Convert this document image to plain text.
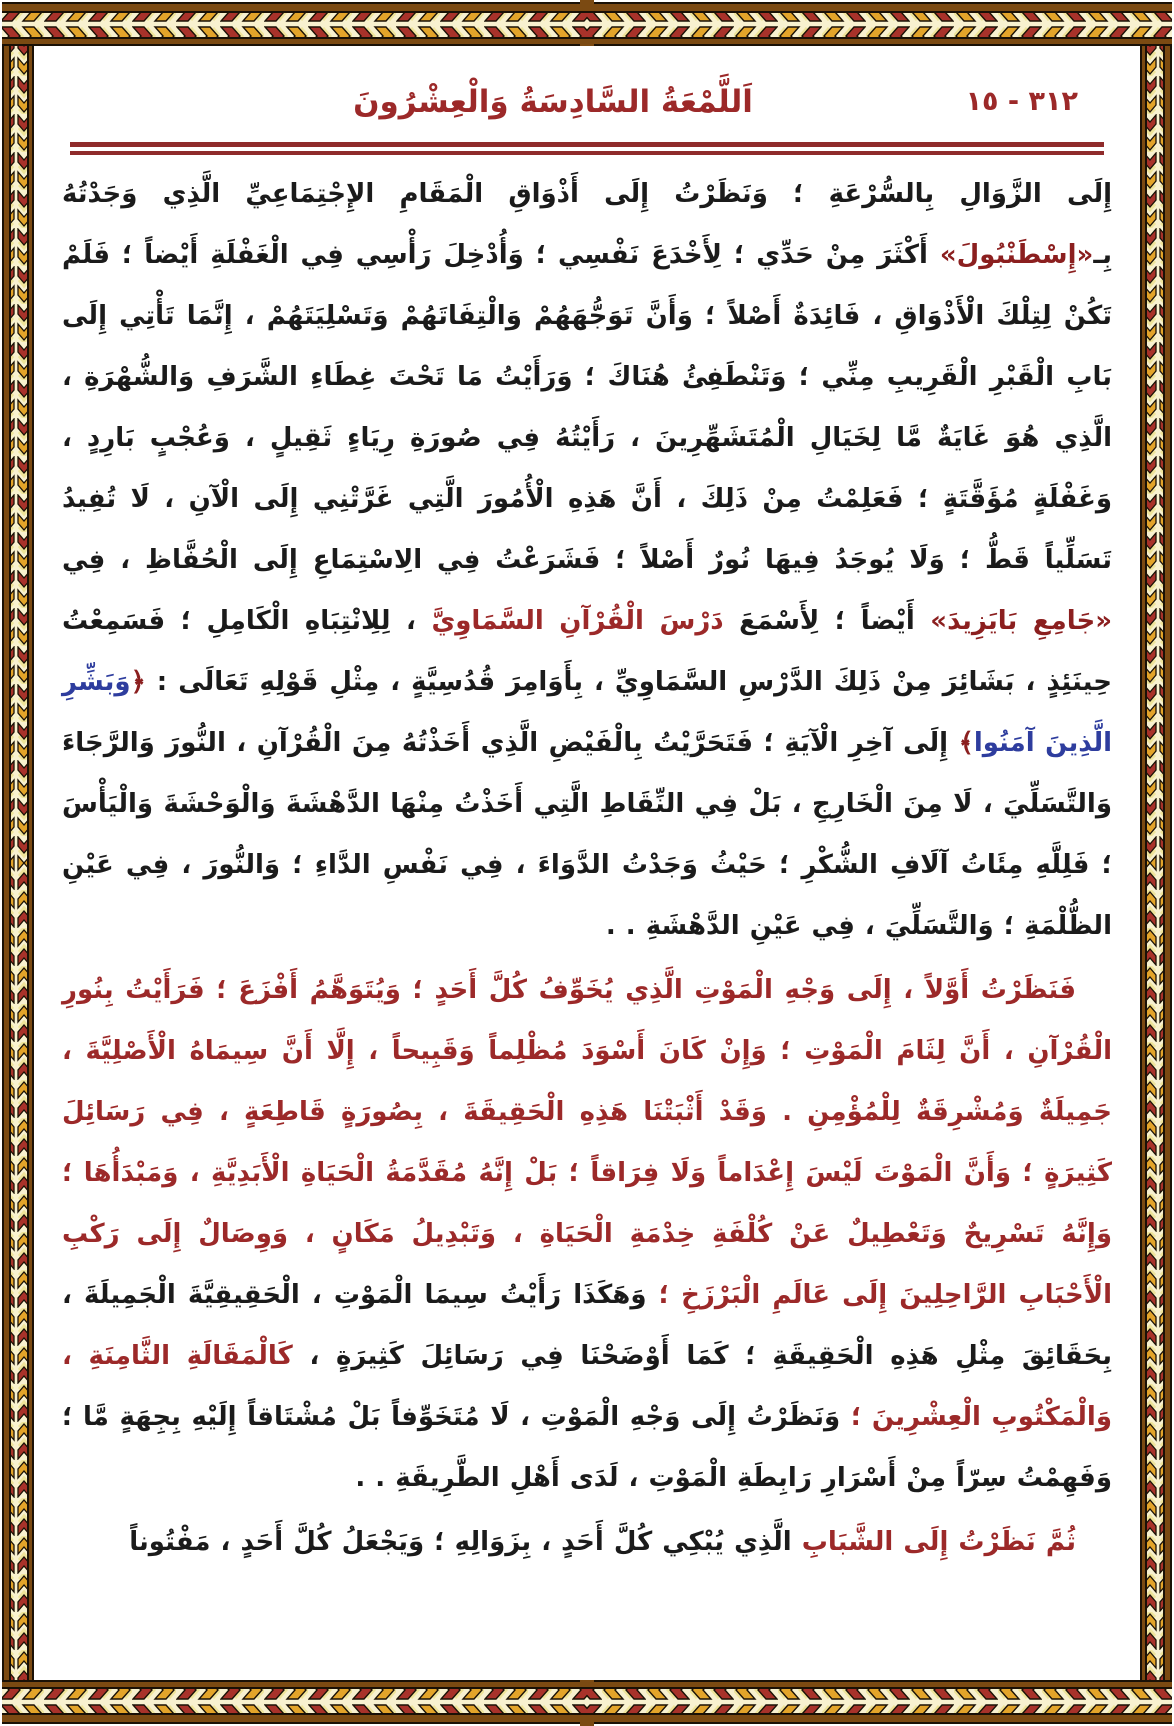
اَللَّمْعَةُ السَّادِسَةُ وَالْعِشْرُونَ	٣١٢ - ١٥

إِلَى الزَّوَالِ بِالسُّرْعَةِ ؛ وَنَظَرْتُ إِلَى أَذْوَاقِ الْمَقَامِ الإِجْتِمَاعِيِّ الَّذِي وَجَدْتُهُ بِـ«إِسْطَنْبُولَ» أَكْثَرَ مِنْ حَدِّي ؛ لِأَخْدَعَ نَفْسِي ؛ وَأُدْخِلَ رَأْسِي فِي الْغَفْلَةِ أَيْضاً ؛ فَلَمْ تَكُنْ لِتِلْكَ الْأَذْوَاقِ ، فَائِدَةٌ أَصْلاً ؛ وَأَنَّ تَوَجُّهَهُمْ وَالْتِفَاتَهُمْ وَتَسْلِيَتَهُمْ ، إِنَّمَا تَأْتِي إِلَى بَابِ الْقَبْرِ الْقَرِيبِ مِنِّي ؛ وَتَنْطَفِئُ هُنَاكَ ؛ وَرَأَيْتُ مَا تَحْتَ غِطَاءِ الشَّرَفِ وَالشُّهْرَةِ ، الَّذِي هُوَ غَايَةٌ مَّا لِخَيَالِ الْمُتَشَهِّرِينَ ، رَأَيْتُهُ فِي صُورَةِ رِيَاءٍ ثَقِيلٍ ، وَعُجْبٍ بَارِدٍ ، وَغَفْلَةٍ مُؤَقَّتَةٍ ؛ فَعَلِمْتُ مِنْ ذَلِكَ ، أَنَّ هَذِهِ الْأُمُورَ الَّتِي غَرَّتْنِي إِلَى الْآنِ ، لَا تُفِيدُ تَسَلِّياً قَطُّ ؛ وَلَا يُوجَدُ فِيهَا نُورٌ أَصْلاً ؛ فَشَرَعْتُ فِي الِاسْتِمَاعِ إِلَى الْحُفَّاظِ ، فِي «جَامِعِ بَايَزِيدَ» أَيْضاً ؛ لِأَسْمَعَ دَرْسَ الْقُرْآنِ السَّمَاوِيَّ ، لِلِانْتِبَاهِ الْكَامِلِ ؛ فَسَمِعْتُ حِينَئِذٍ ، بَشَائِرَ مِنْ ذَلِكَ الدَّرْسِ السَّمَاوِيِّ ، بِأَوَامِرَ قُدُسِيَّةٍ ، مِثْلِ قَوْلِهِ تَعَالَى : ﴿وَبَشِّرِ الَّذِينَ آمَنُوا﴾ إِلَى آخِرِ الْآيَةِ ؛ فَتَحَرَّيْتُ بِالْفَيْضِ الَّذِي أَخَذْتُهُ مِنَ الْقُرْآنِ ، النُّورَ وَالرَّجَاءَ وَالتَّسَلِّيَ ، لَا مِنَ الْخَارِجِ ، بَلْ فِي النِّقَاطِ الَّتِي أَخَذْتُ مِنْهَا الدَّهْشَةَ وَالْوَحْشَةَ وَالْيَأْسَ ؛ فَلِلَّهِ مِئَاتُ آلَافِ الشُّكْرِ ؛ حَيْثُ وَجَدْتُ الدَّوَاءَ ، فِي نَفْسِ الدَّاءِ ؛ وَالنُّورَ ، فِي عَيْنِ الظُّلْمَةِ ؛ وَالتَّسَلِّيَ ، فِي عَيْنِ الدَّهْشَةِ . .

فَنَظَرْتُ أَوَّلاً ، إِلَى وَجْهِ الْمَوْتِ الَّذِي يُخَوِّفُ كُلَّ أَحَدٍ ؛ وَيُتَوَهَّمُ أَفْزَعَ ؛ فَرَأَيْتُ بِنُورِ الْقُرْآنِ ، أَنَّ لِثَامَ الْمَوْتِ ؛ وَإِنْ كَانَ أَسْوَدَ مُظْلِماً وَقَبِيحاً ، إِلَّا أَنَّ سِيمَاهُ الْأَصْلِيَّةَ ، جَمِيلَةٌ وَمُشْرِقَةٌ لِلْمُؤْمِنِ . وَقَدْ أَثْبَتْنَا هَذِهِ الْحَقِيقَةَ ، بِصُورَةٍ قَاطِعَةٍ ، فِي رَسَائِلَ كَثِيرَةٍ ؛ وَأَنَّ الْمَوْتَ لَيْسَ إِعْدَاماً وَلَا فِرَاقاً ؛ بَلْ إِنَّهُ مُقَدَّمَةُ الْحَيَاةِ الْأَبَدِيَّةِ ، وَمَبْدَأُهَا ؛ وَإِنَّهُ تَسْرِيحٌ وَتَعْطِيلٌ عَنْ كُلْفَةِ خِدْمَةِ الْحَيَاةِ ، وَتَبْدِيلُ مَكَانٍ ، وَوِصَالٌ إِلَى رَكْبِ الْأَحْبَابِ الرَّاحِلِينَ إِلَى عَالَمِ الْبَرْزَخِ ؛ وَهَكَذَا رَأَيْتُ سِيمَا الْمَوْتِ ، الْحَقِيقِيَّةَ الْجَمِيلَةَ ، بِحَقَائِقَ مِثْلِ هَذِهِ الْحَقِيقَةِ ؛ كَمَا أَوْضَحْنَا فِي رَسَائِلَ كَثِيرَةٍ ، كَالْمَقَالَةِ الثَّامِنَةِ ، وَالْمَكْتُوبِ الْعِشْرِينَ ؛ وَنَظَرْتُ إِلَى وَجْهِ الْمَوْتِ ، لَا مُتَخَوِّفاً بَلْ مُشْتَاقاً إِلَيْهِ بِجِهَةٍ مَّا ؛ وَفَهِمْتُ سِرّاً مِنْ أَسْرَارِ رَابِطَةِ الْمَوْتِ ، لَدَى أَهْلِ الطَّرِيقَةِ . .

ثُمَّ نَظَرْتُ إِلَى الشَّبَابِ الَّذِي يُبْكِي كُلَّ أَحَدٍ ، بِزَوَالِهِ ؛ وَيَجْعَلُ كُلَّ أَحَدٍ ، مَفْتُوناً
